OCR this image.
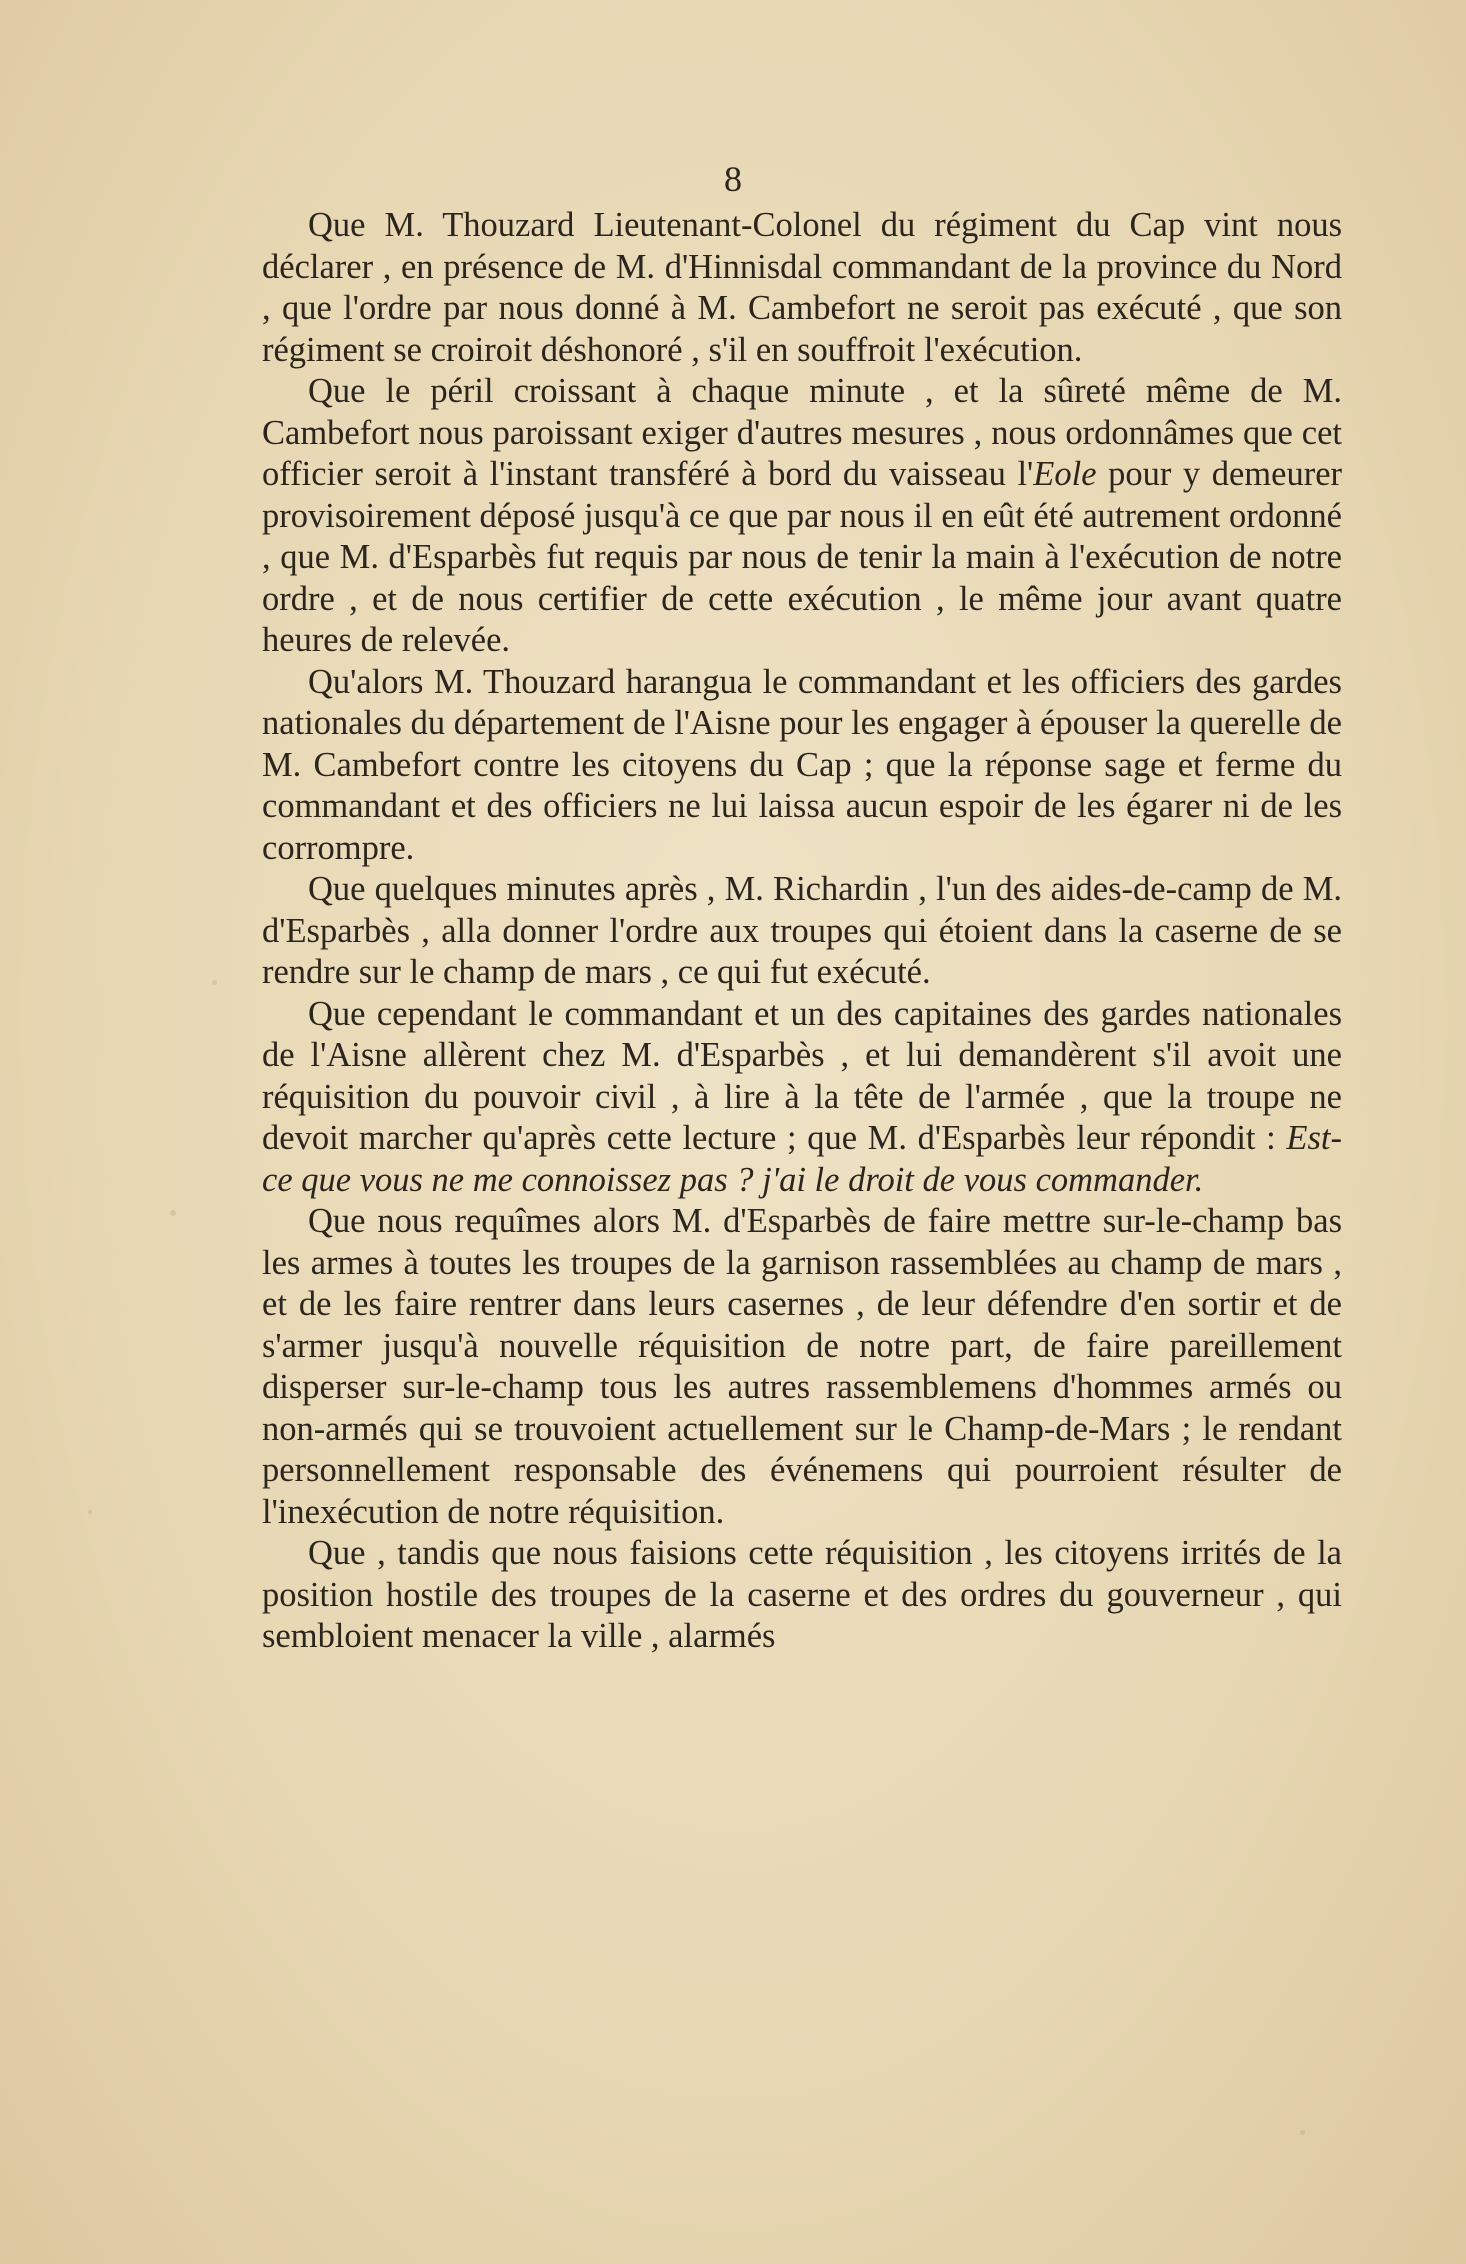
8

Que M. Thouzard Lieutenant-Colonel du régiment du Cap vint nous déclarer , en présence de M. d'Hinnisdal commandant de la province du Nord , que l'ordre par nous donné à M. Cambefort ne seroit pas exécuté , que son régiment se croiroit déshonoré , s'il en souffroit l'exécution.

Que le péril croissant à chaque minute , et la sûreté même de M. Cambefort nous paroissant exiger d'autres mesures , nous ordonnâmes que cet officier seroit à l'instant transféré à bord du vaisseau l'Eole pour y demeurer provisoirement déposé jusqu'à ce que par nous il en eût été autrement ordonné , que M. d'Esparbès fut requis par nous de tenir la main à l'exécution de notre ordre , et de nous certifier de cette exécution , le même jour avant quatre heures de relevée.

Qu'alors M. Thouzard harangua le commandant et les officiers des gardes nationales du département de l'Aisne pour les engager à épouser la querelle de M. Cambefort contre les citoyens du Cap ; que la réponse sage et ferme du commandant et des officiers ne lui laissa aucun espoir de les égarer ni de les corrompre.

Que quelques minutes après , M. Richardin , l'un des aides-de-camp de M. d'Esparbès , alla donner l'ordre aux troupes qui étoient dans la caserne de se rendre sur le champ de mars , ce qui fut exécuté.

Que cependant le commandant et un des capitaines des gardes nationales de l'Aisne allèrent chez M. d'Esparbès , et lui demandèrent s'il avoit une réquisition du pouvoir civil , à lire à la tête de l'armée , que la troupe ne devoit marcher qu'après cette lecture ; que M. d'Esparbès leur répondit : Est-ce que vous ne me connoissez pas ? j'ai le droit de vous commander.

Que nous requîmes alors M. d'Esparbès de faire mettre sur-le-champ bas les armes à toutes les troupes de la garnison rassemblées au champ de mars , et de les faire rentrer dans leurs casernes , de leur défendre d'en sortir et de s'armer jusqu'à nouvelle réquisition de notre part, de faire pareillement disperser sur-le-champ tous les autres rassemblemens d'hommes armés ou non-armés qui se trouvoient actuellement sur le Champ-de-Mars ; le rendant personnellement responsable des événemens qui pourroient résulter de l'inexécution de notre réquisition.

Que , tandis que nous faisions cette réquisition , les citoyens irrités de la position hostile des troupes de la caserne et des ordres du gouverneur , qui sembloient menacer la ville , alarmés
